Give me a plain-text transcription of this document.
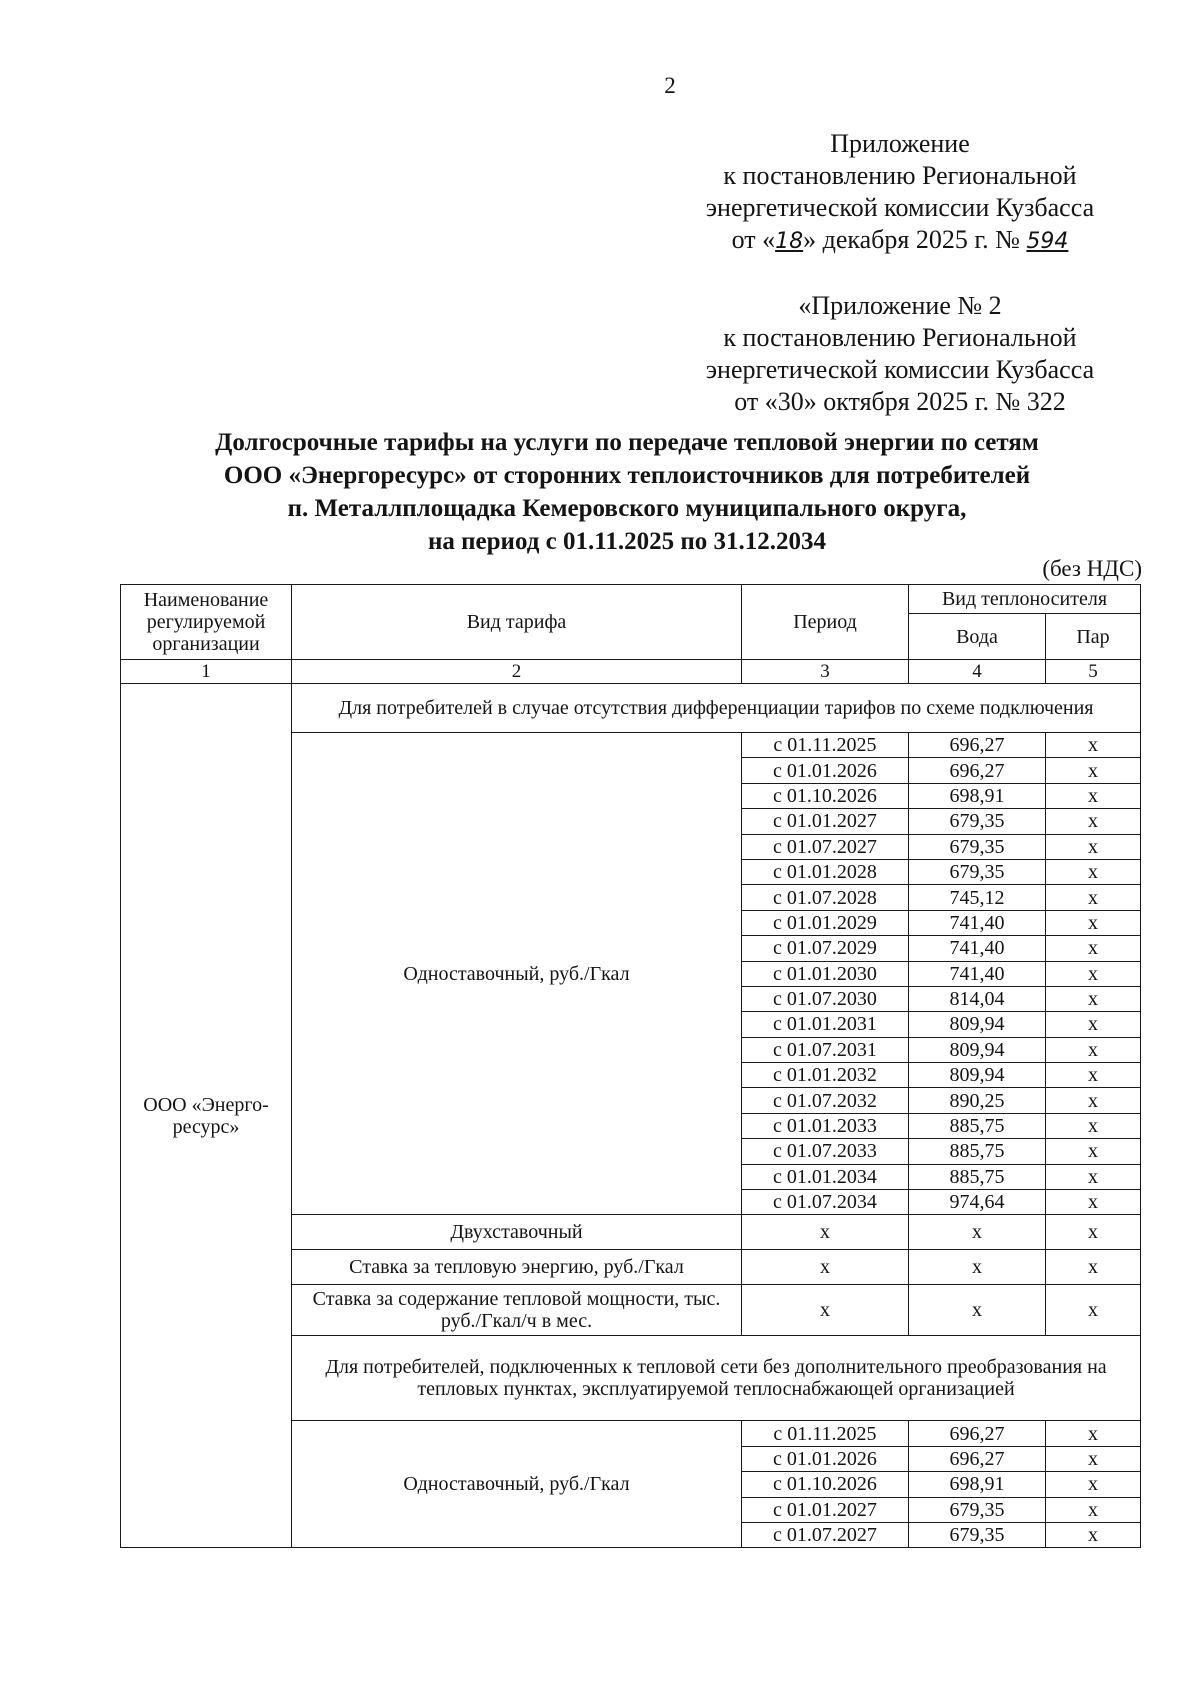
2
Приложение
к постановлению Региональной
энергетической комиссии Кузбасса
от «18» декабря 2025 г. № 594
«Приложение № 2
к постановлению Региональной
энергетической комиссии Кузбасса
от «30» октября 2025 г. № 322
Долгосрочные тарифы на услуги по передаче тепловой энергии по сетям
ООО «Энергоресурс» от сторонних теплоисточников для потребителей
п. Металлплощадка Кемеровского муниципального округа,
на период с 01.11.2025 по 31.12.2034
(без НДС)
Наименование регулируемой организации	Вид тарифа	Период	Вид теплоносителя	
			Вода	Пар
1	2	3	4	5
ООО «Энерго-ресурс»	Для потребителей в случае отсутствия дифференциации тарифов по схеме подключения			
	Одноставочный, руб./Гкал	с 01.11.2025	696,27	х
		с 01.01.2026	696,27	х
		с 01.10.2026	698,91	х
		с 01.01.2027	679,35	х
		с 01.07.2027	679,35	х
		с 01.01.2028	679,35	х
		с 01.07.2028	745,12	х
		с 01.01.2029	741,40	х
		с 01.07.2029	741,40	х
		с 01.01.2030	741,40	х
		с 01.07.2030	814,04	х
		с 01.01.2031	809,94	х
		с 01.07.2031	809,94	х
		с 01.01.2032	809,94	х
		с 01.07.2032	890,25	х
		с 01.01.2033	885,75	х
		с 01.07.2033	885,75	х
		с 01.01.2034	885,75	х
		с 01.07.2034	974,64	х
	Двухставочный	х	х	х
	Ставка за тепловую энергию, руб./Гкал	х	х	х
	Ставка за содержание тепловой мощности, тыс. руб./Гкал/ч в мес.	х	х	х
	Для потребителей, подключенных к тепловой сети без дополнительного преобразования на тепловых пунктах, эксплуатируемой теплоснабжающей организацией			
	Одноставочный, руб./Гкал	с 01.11.2025	696,27	х
		с 01.01.2026	696,27	х
		с 01.10.2026	698,91	х
		с 01.01.2027	679,35	х
		с 01.07.2027	679,35	х
